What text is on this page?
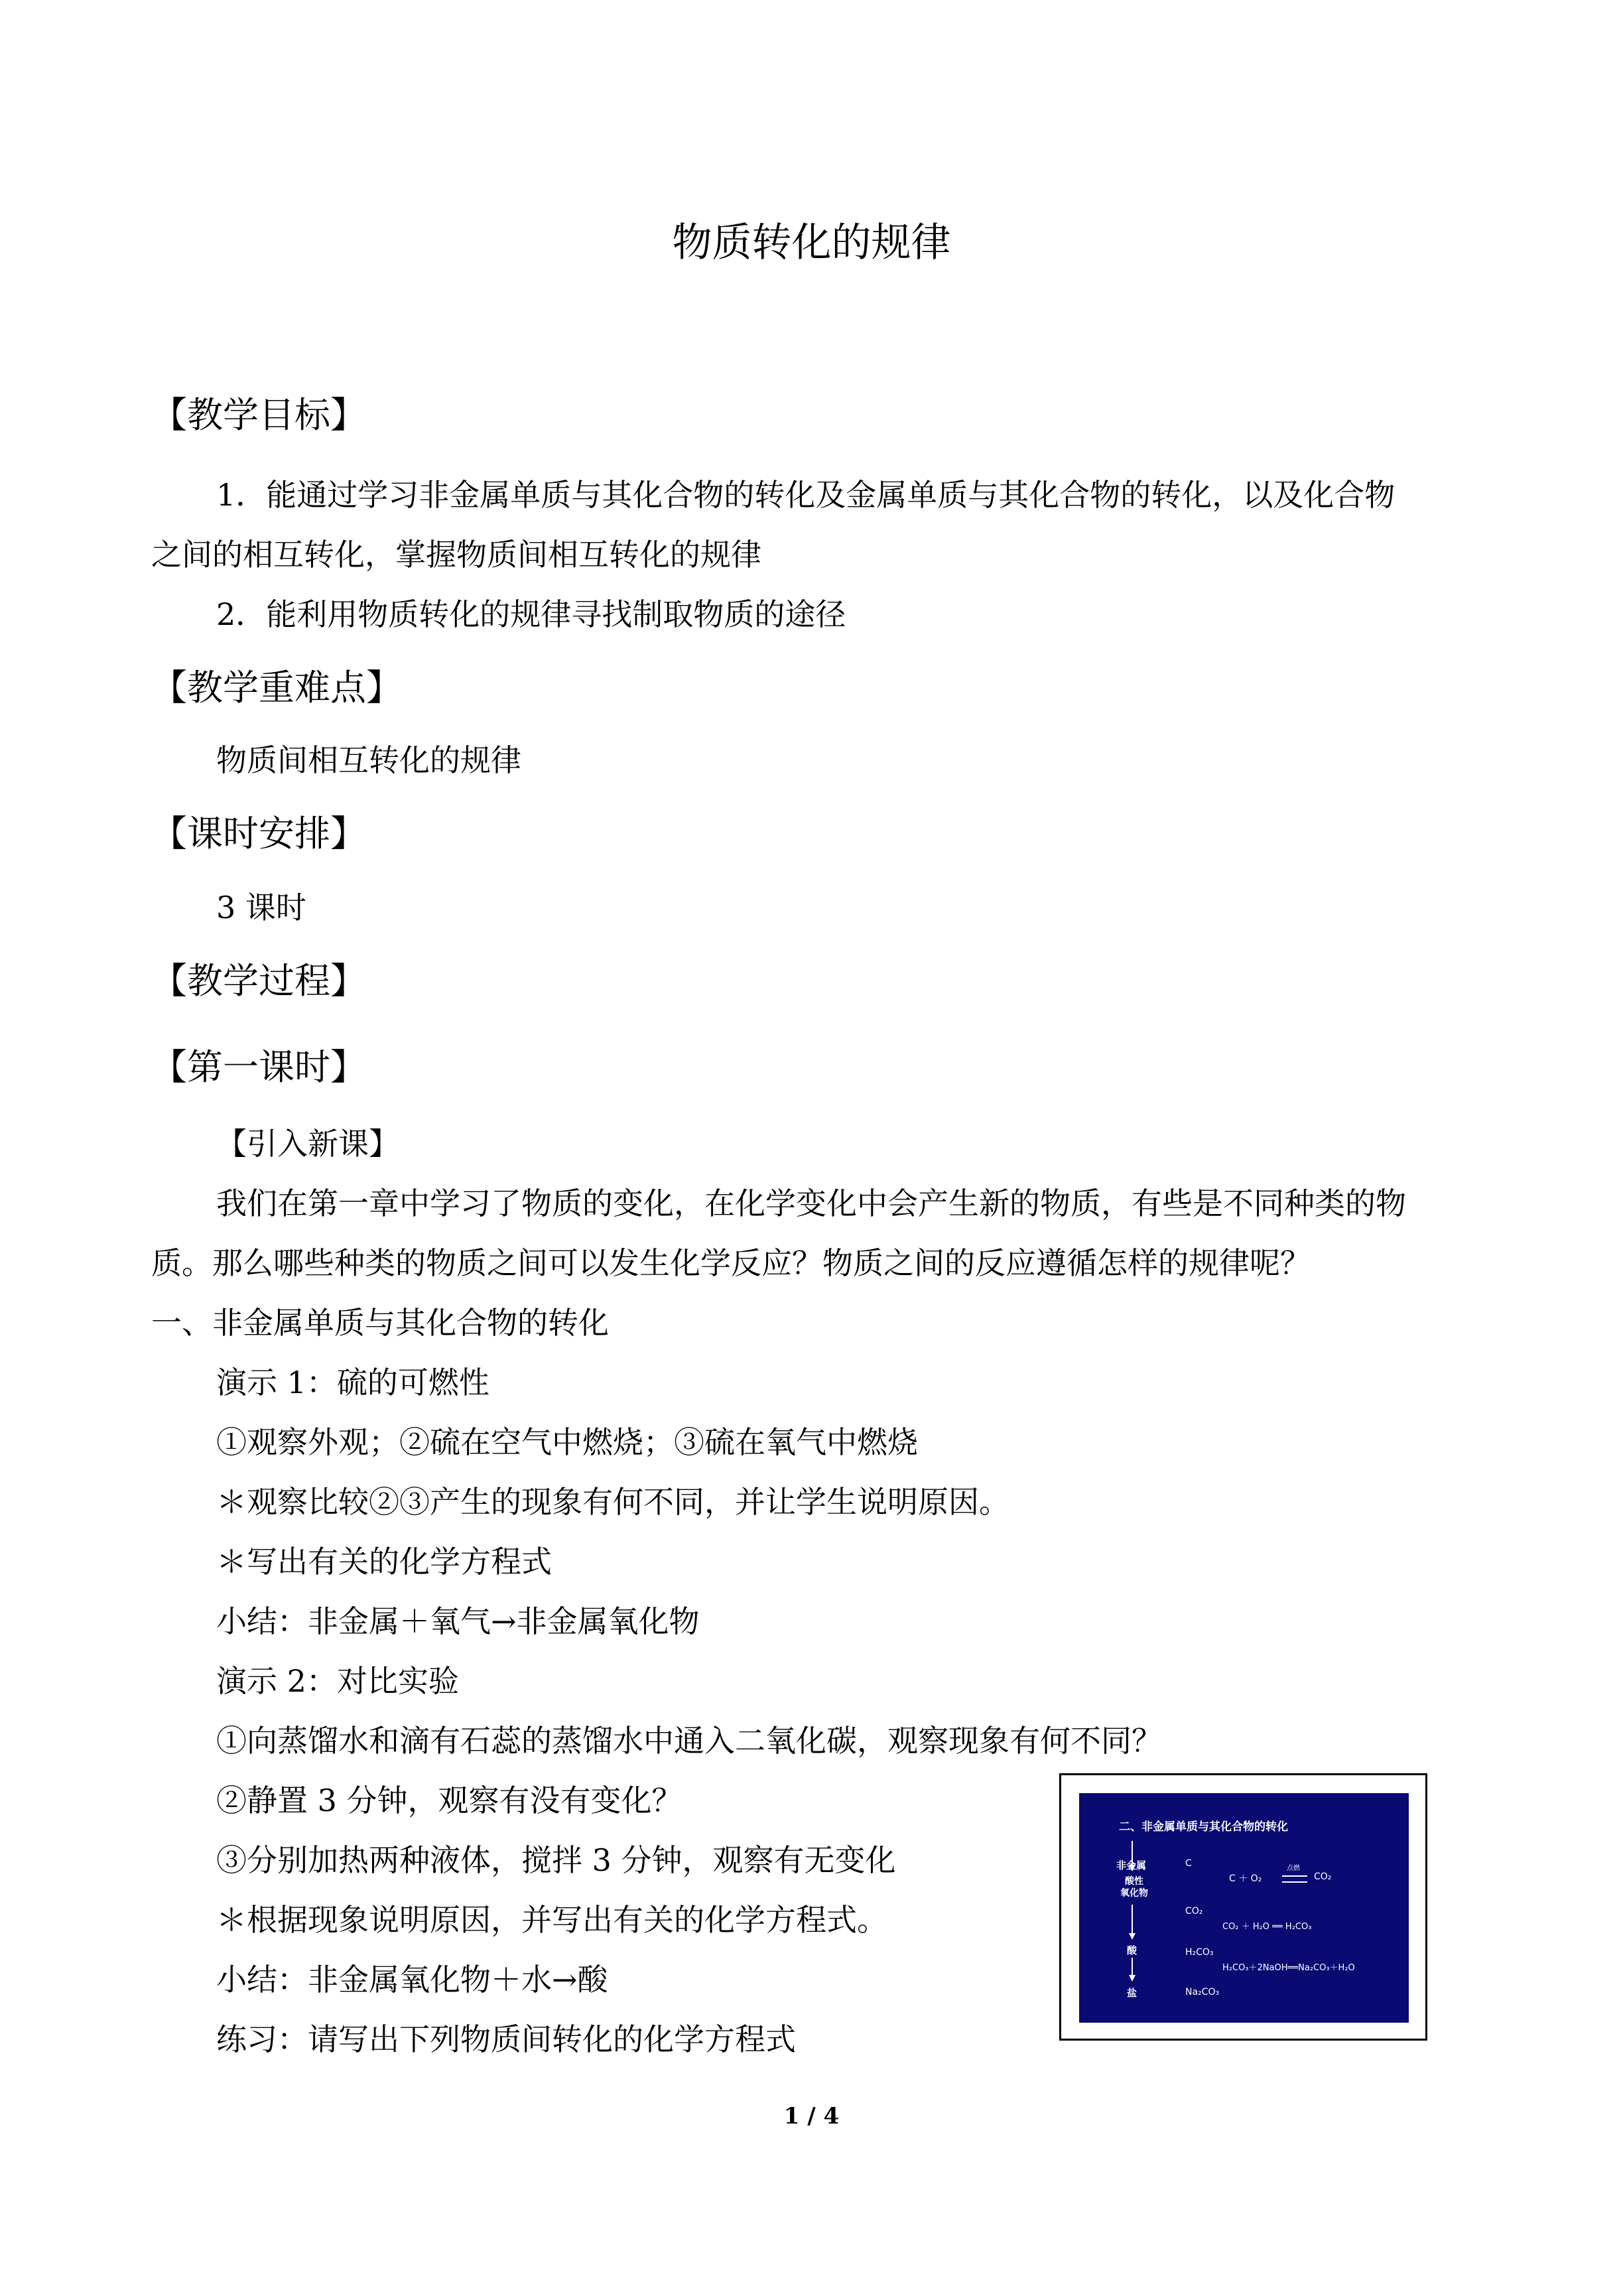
物质转化的规律
【教学目标】
1．能通过学习非金属单质与其化合物的转化及金属单质与其化合物的转化，以及化合物
之间的相互转化，掌握物质间相互转化的规律
2．能利用物质转化的规律寻找制取物质的途径
【教学重难点】
物质间相互转化的规律
【课时安排】
3 课时
【教学过程】
【第一课时】
【引入新课】
我们在第一章中学习了物质的变化，在化学变化中会产生新的物质，有些是不同种类的物
质。那么哪些种类的物质之间可以发生化学反应？物质之间的反应遵循怎样的规律呢？
一、非金属单质与其化合物的转化
演示 1：硫的可燃性
①观察外观；②硫在空气中燃烧；③硫在氧气中燃烧
＊观察比较②③产生的现象有何不同，并让学生说明原因。
＊写出有关的化学方程式
小结：非金属＋氧气→非金属氧化物
演示 2：对比实验
①向蒸馏水和滴有石蕊的蒸馏水中通入二氧化碳，观察现象有何不同？
②静置 3 分钟，观察有没有变化？
③分别加热两种液体，搅拌 3 分钟，观察有无变化
＊根据现象说明原因，并写出有关的化学方程式。
小结：非金属氧化物＋水→酸
练习：请写出下列物质间转化的化学方程式
二、非金属单质与其化合物的转化
非金属
酸性
氧化物
酸
盐
C
CO₂
H₂CO₃
Na₂CO₃
C ＋ O₂
点燃
CO₂
CO₂ ＋ H₂O ══ H₂CO₃
H₂CO₃＋2NaOH══Na₂CO₃＋H₂O
1 / 4
